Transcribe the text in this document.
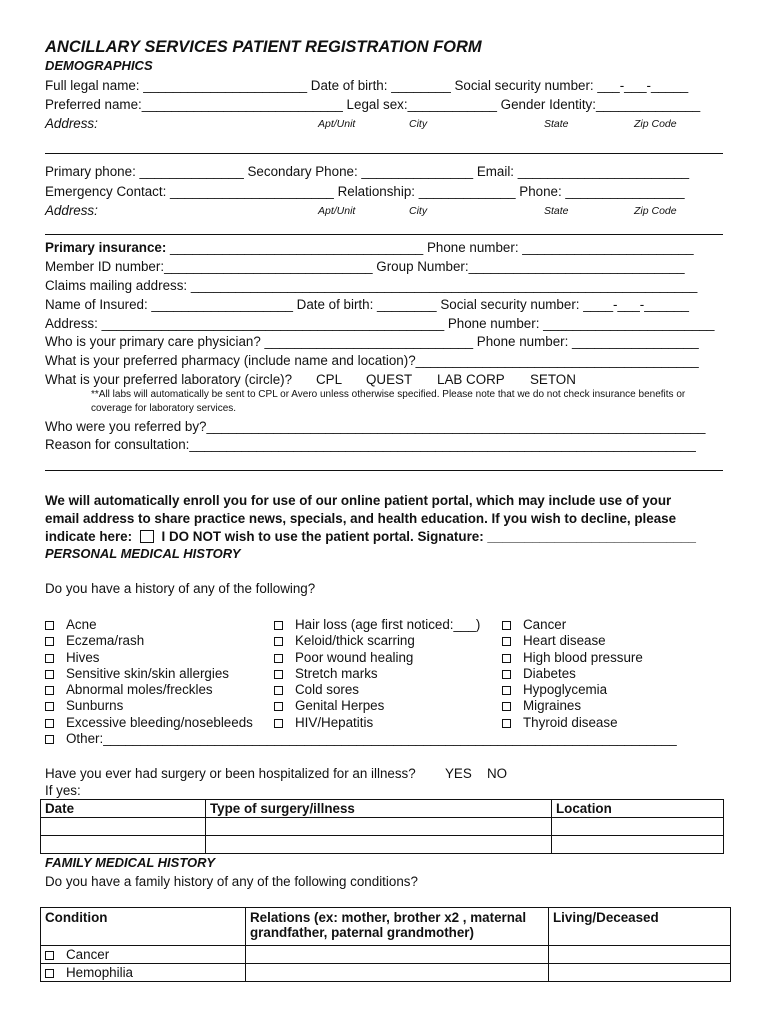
ANCILLARY SERVICES PATIENT REGISTRATION FORM
DEMOGRAPHICS
Full legal name: ______________________ Date of birth: ________ Social security number: ___-___-_____
Preferred name:___________________________ Legal sex:____________ Gender Identity:______________
Address:	Apt/Unit	City	State	Zip Code
Primary phone: ______________ Secondary Phone: _______________ Email: _______________________
Emergency Contact: ______________________ Relationship: _____________ Phone: ________________
Address:	Apt/Unit	City	State	Zip Code
Primary insurance: __________________________________ Phone number: _______________________
Member ID number:____________________________ Group Number:_____________________________
Claims mailing address: ____________________________________________________________________
Name of Insured: ___________________ Date of birth: ________ Social security number: ____-___-______
Address: ______________________________________________ Phone number: _______________________
Who is your primary care physician? ____________________________ Phone number: _________________
What is your preferred pharmacy (include name and location)?______________________________________
What is your preferred laboratory (circle)? CPL QUEST LAB CORP SETON
**All labs will automatically be sent to CPL or Avero unless otherwise specified. Please note that we do not check insurance benefits or coverage for laboratory services.
Who were you referred by?___________________________________________________________________
Reason for consultation:____________________________________________________________________
We will automatically enroll you for use of our online patient portal, which may include use of your
email address to share practice news, specials, and health education. If you wish to decline, please
indicate here: I DO NOT wish to use the patient portal. Signature: ____________________________
PERSONAL MEDICAL HISTORY
Do you have a history of any of the following?
Acne
Eczema/rash
Hives
Sensitive skin/skin allergies
Abnormal moles/freckles
Sunburns
Excessive bleeding/nosebleeds
Other:_____________________________________________________________________________
Hair loss (age first noticed:___)
Keloid/thick scarring
Poor wound healing
Stretch marks
Cold sores
Genital Herpes
HIV/Hepatitis
Cancer
Heart disease
High blood pressure
Diabetes
Hypoglycemia
Migraines
Thyroid disease
Have you ever had surgery or been hospitalized for an illness? YES NO
If yes:
Date	Type of surgery/illness	Location

FAMILY MEDICAL HISTORY
Do you have a family history of any of the following conditions?
Condition	Relations (ex: mother, brother x2 , maternal grandfather, paternal grandmother)	Living/Deceased
Cancer		
Hemophilia		
